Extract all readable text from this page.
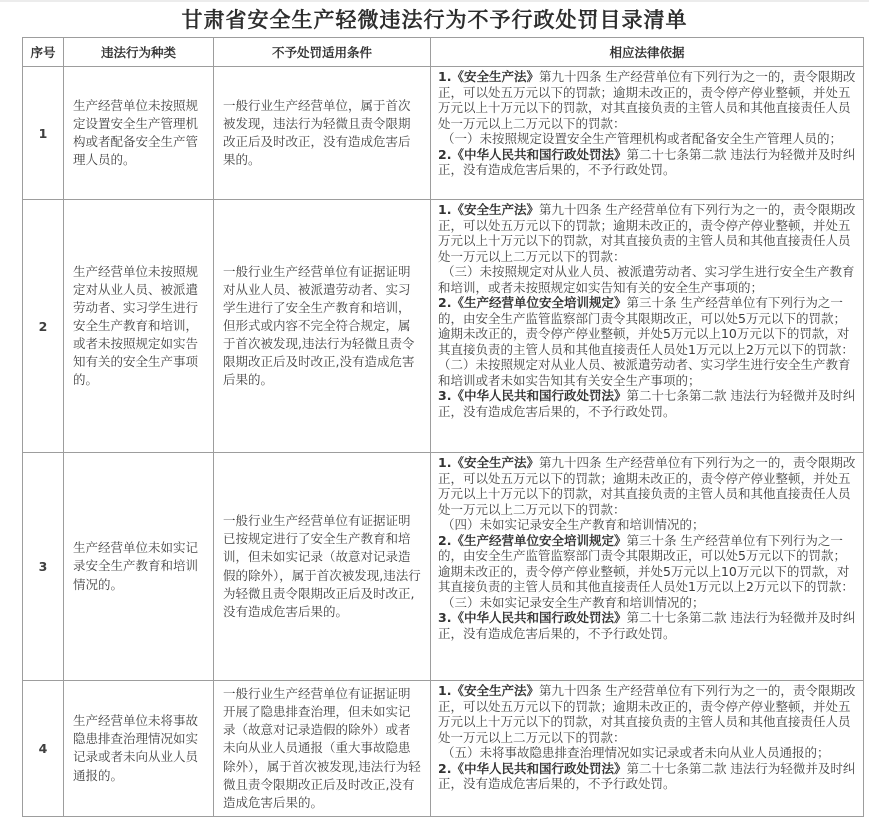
甘肃省安全生产轻微违法行为不予行政处罚目录清单
序号	违法行为种类	不予处罚适用条件	相应法律依据
1	生产经营单位未按照规定设置安全生产管理机构或者配备安全生产管理人员的。	一般行业生产经营单位，属于首次被发现，违法行为轻微且责令限期改正后及时改正，没有造成危害后果的。	1.《安全生产法》第九十四条 生产经营单位有下列行为之一的，责令限期改正，可以处五万元以下的罚款；逾期未改正的，责令停产停业整顿，并处五万元以上十万元以下的罚款，对其直接负责的主管人员和其他直接责任人员处一万元以上二万元以下的罚款：
（一）未按照规定设置安全生产管理机构或者配备安全生产管理人员的；
2.《中华人民共和国行政处罚法》第二十七条第二款 违法行为轻微并及时纠正，没有造成危害后果的，不予行政处罚。

2	生产经营单位未按照规定对从业人员、被派遣劳动者、实习学生进行安全生产教育和培训，或者未按照规定如实告知有关的安全生产事项的。	一般行业生产经营单位有证据证明对从业人员、被派遣劳动者、实习学生进行了安全生产教育和培训，但形式或内容不完全符合规定，属于首次被发现,违法行为轻微且责令限期改正后及时改正,没有造成危害后果的。	1.《安全生产法》第九十四条 生产经营单位有下列行为之一的，责令限期改正，可以处五万元以下的罚款；逾期未改正的，责令停产停业整顿，并处五万元以上十万元以下的罚款，对其直接负责的主管人员和其他直接责任人员处一万元以上二万元以下的罚款：
（三）未按照规定对从业人员、被派遣劳动者、实习学生进行安全生产教育和培训，或者未按照规定如实告知有关的安全生产事项的；
2.《生产经营单位安全培训规定》第三十条 生产经营单位有下列行为之一的，由安全生产监管监察部门责令其限期改正，可以处5万元以下的罚款；逾期未改正的，责令停产停业整顿，并处5万元以上10万元以下的罚款，对其直接负责的主管人员和其他直接责任人员处1万元以上2万元以下的罚款：　（二）未按照规定对从业人员、被派遣劳动者、实习学生进行安全生产教育和培训或者未如实告知其有关安全生产事项的；
3.《中华人民共和国行政处罚法》第二十七条第二款 违法行为轻微并及时纠正，没有造成危害后果的，不予行政处罚。

3	生产经营单位未如实记录安全生产教育和培训情况的。	一般行业生产经营单位有证据证明已按规定进行了安全生产教育和培训，但未如实记录（故意对记录造假的除外），属于首次被发现,违法行为轻微且责令限期改正后及时改正,没有造成危害后果的。	1.《安全生产法》第九十四条 生产经营单位有下列行为之一的，责令限期改正，可以处五万元以下的罚款；逾期未改正的，责令停产停业整顿，并处五万元以上十万元以下的罚款，对其直接负责的主管人员和其他直接责任人员处一万元以上二万元以下的罚款：
（四）未如实记录安全生产教育和培训情况的；
2.《生产经营单位安全培训规定》第三十条 生产经营单位有下列行为之一的，由安全生产监管监察部门责令其限期改正，可以处5万元以下的罚款；逾期未改正的，责令停产停业整顿，并处5万元以上10万元以下的罚款，对其直接负责的主管人员和其他直接责任人员处1万元以上2万元以下的罚款：
（三）未如实记录安全生产教育和培训情况的；
3.《中华人民共和国行政处罚法》第二十七条第二款 违法行为轻微并及时纠正，没有造成危害后果的，不予行政处罚。

4	生产经营单位未将事故隐患排查治理情况如实记录或者未向从业人员通报的。	一般行业生产经营单位有证据证明开展了隐患排查治理，但未如实记录（故意对记录造假的除外）或者未向从业人员通报（重大事故隐患除外），属于首次被发现,违法行为轻微且责令限期改正后及时改正,没有造成危害后果的。	1.《安全生产法》第九十四条 生产经营单位有下列行为之一的，责令限期改正，可以处五万元以下的罚款；逾期未改正的，责令停产停业整顿，并处五万元以上十万元以下的罚款，对其直接负责的主管人员和其他直接责任人员处一万元以上二万元以下的罚款：
（五）未将事故隐患排查治理情况如实记录或者未向从业人员通报的；
2.《中华人民共和国行政处罚法》第二十七条第二款 违法行为轻微并及时纠正，没有造成危害后果的，不予行政处罚。
